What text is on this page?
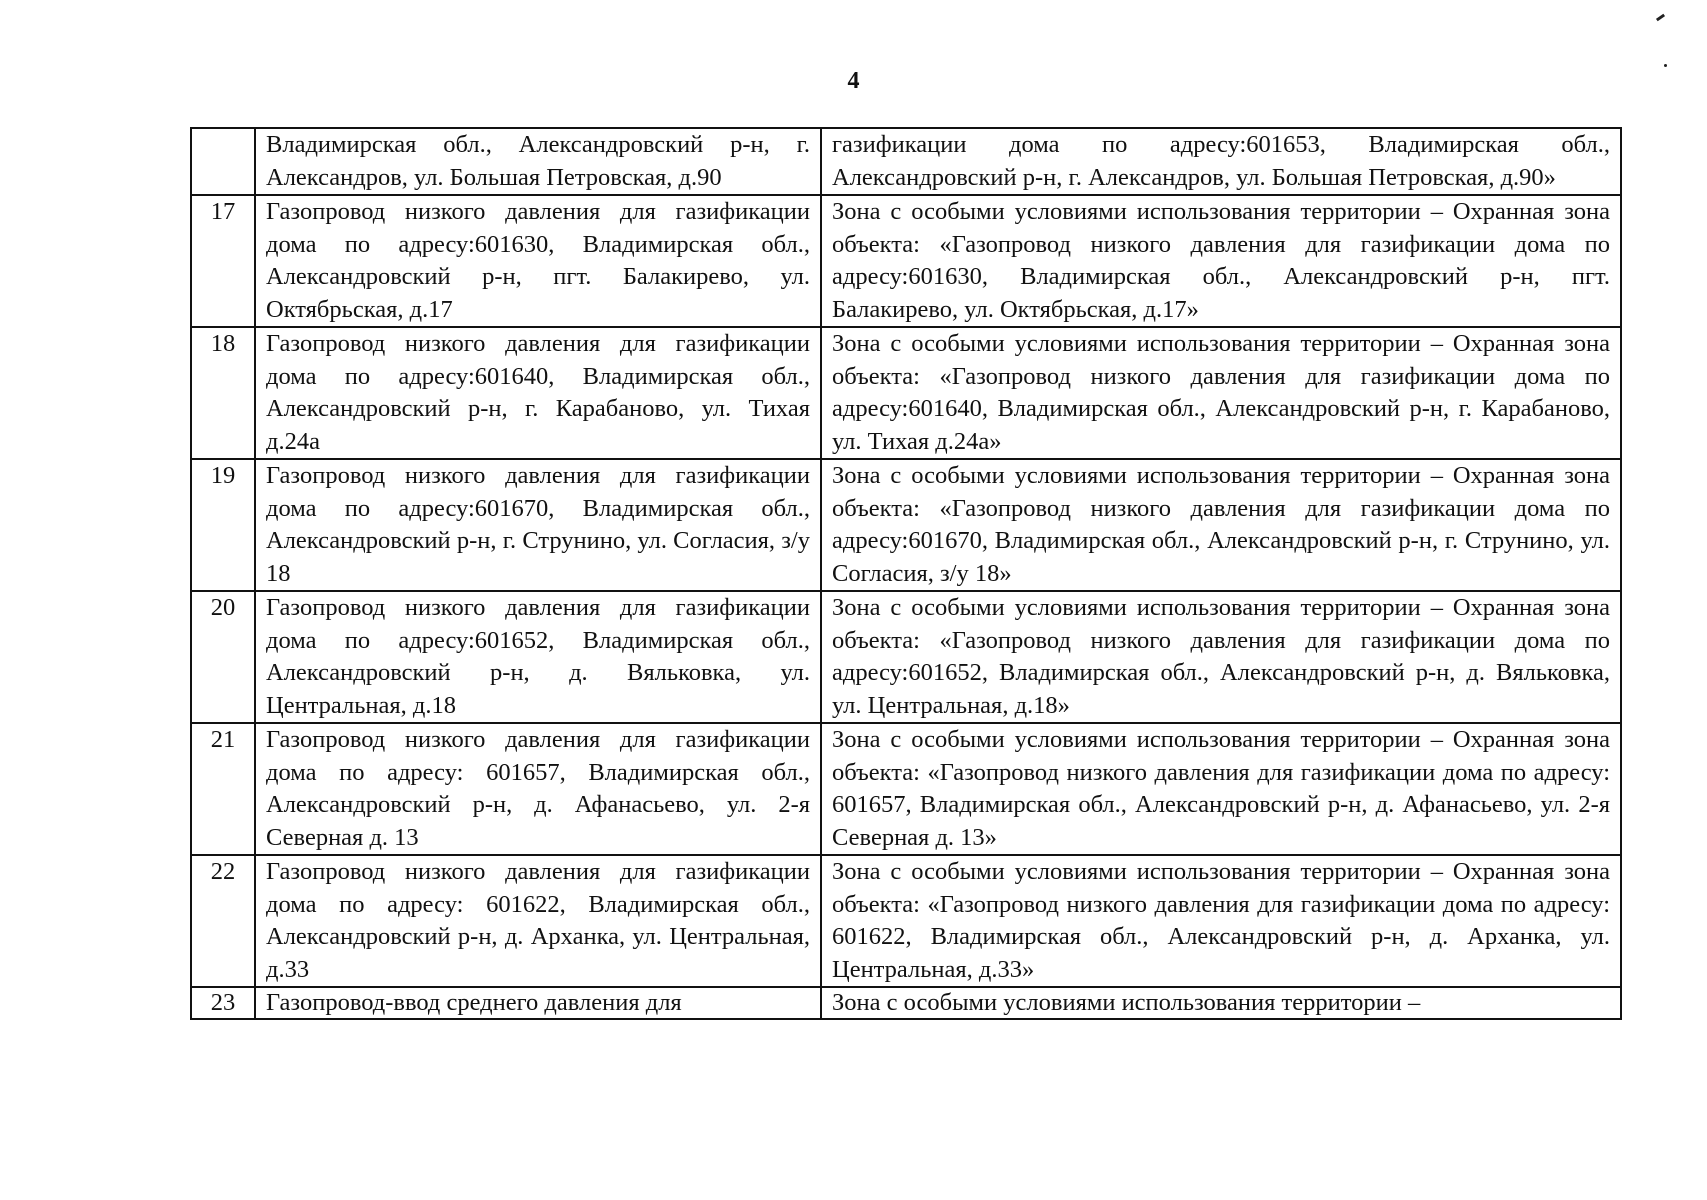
4
	Владимирская обл., Александровский р-н, г. Александров, ул. Большая Петровская, д.90	газификации дома по адресу:601653, Владимирская обл., Александровский р-н, г. Александров, ул. Большая Петровская, д.90»
17	Газопровод низкого давления для газификации дома по адресу:601630, Владимирская обл., Александровский р-н, пгт. Балакирево, ул. Октябрьская, д.17	Зона с особыми условиями использования территории – Охранная зона объекта: «Газопровод низкого давления для газификации дома по адресу:601630, Владимирская обл., Александровский р-н, пгт. Балакирево, ул. Октябрьская, д.17»
18	Газопровод низкого давления для газификации дома по адресу:601640, Владимирская обл., Александровский р-н, г. Карабаново, ул. Тихая д.24а	Зона с особыми условиями использования территории – Охранная зона объекта: «Газопровод низкого давления для газификации дома по адресу:601640, Владимирская обл., Александровский р-н, г. Карабаново, ул. Тихая д.24а»
19	Газопровод низкого давления для газификации дома по адресу:601670, Владимирская обл., Александровский р-н, г. Струнино, ул. Согласия, з/у 18	Зона с особыми условиями использования территории – Охранная зона объекта: «Газопровод низкого давления для газификации дома по адресу:601670, Владимирская обл., Александровский р-н, г. Струнино, ул. Согласия, з/у 18»
20	Газопровод низкого давления для газификации дома по адресу:601652, Владимирская обл., Александровский р-н, д. Вяльковка, ул. Центральная, д.18	Зона с особыми условиями использования территории – Охранная зона объекта: «Газопровод низкого давления для газификации дома по адресу:601652, Владимирская обл., Александровский р-н, д. Вяльковка, ул. Центральная, д.18»
21	Газопровод низкого давления для газификации дома по адресу: 601657, Владимирская обл., Александровский р-н, д. Афанасьево, ул. 2-я Северная д. 13	Зона с особыми условиями использования территории – Охранная зона объекта: «Газопровод низкого давления для газификации дома по адресу: 601657, Владимирская обл., Александровский р-н, д. Афанасьево, ул. 2-я Северная д. 13»
22	Газопровод низкого давления для газификации дома по адресу: 601622, Владимирская обл., Александровский р-н, д. Арханка, ул. Центральная, д.33	Зона с особыми условиями использования территории – Охранная зона объекта: «Газопровод низкого давления для газификации дома по адресу: 601622, Владимирская обл., Александровский р-н, д. Арханка, ул. Центральная, д.33»
23	Газопровод-ввод среднего давления для	Зона с особыми условиями использования территории –
